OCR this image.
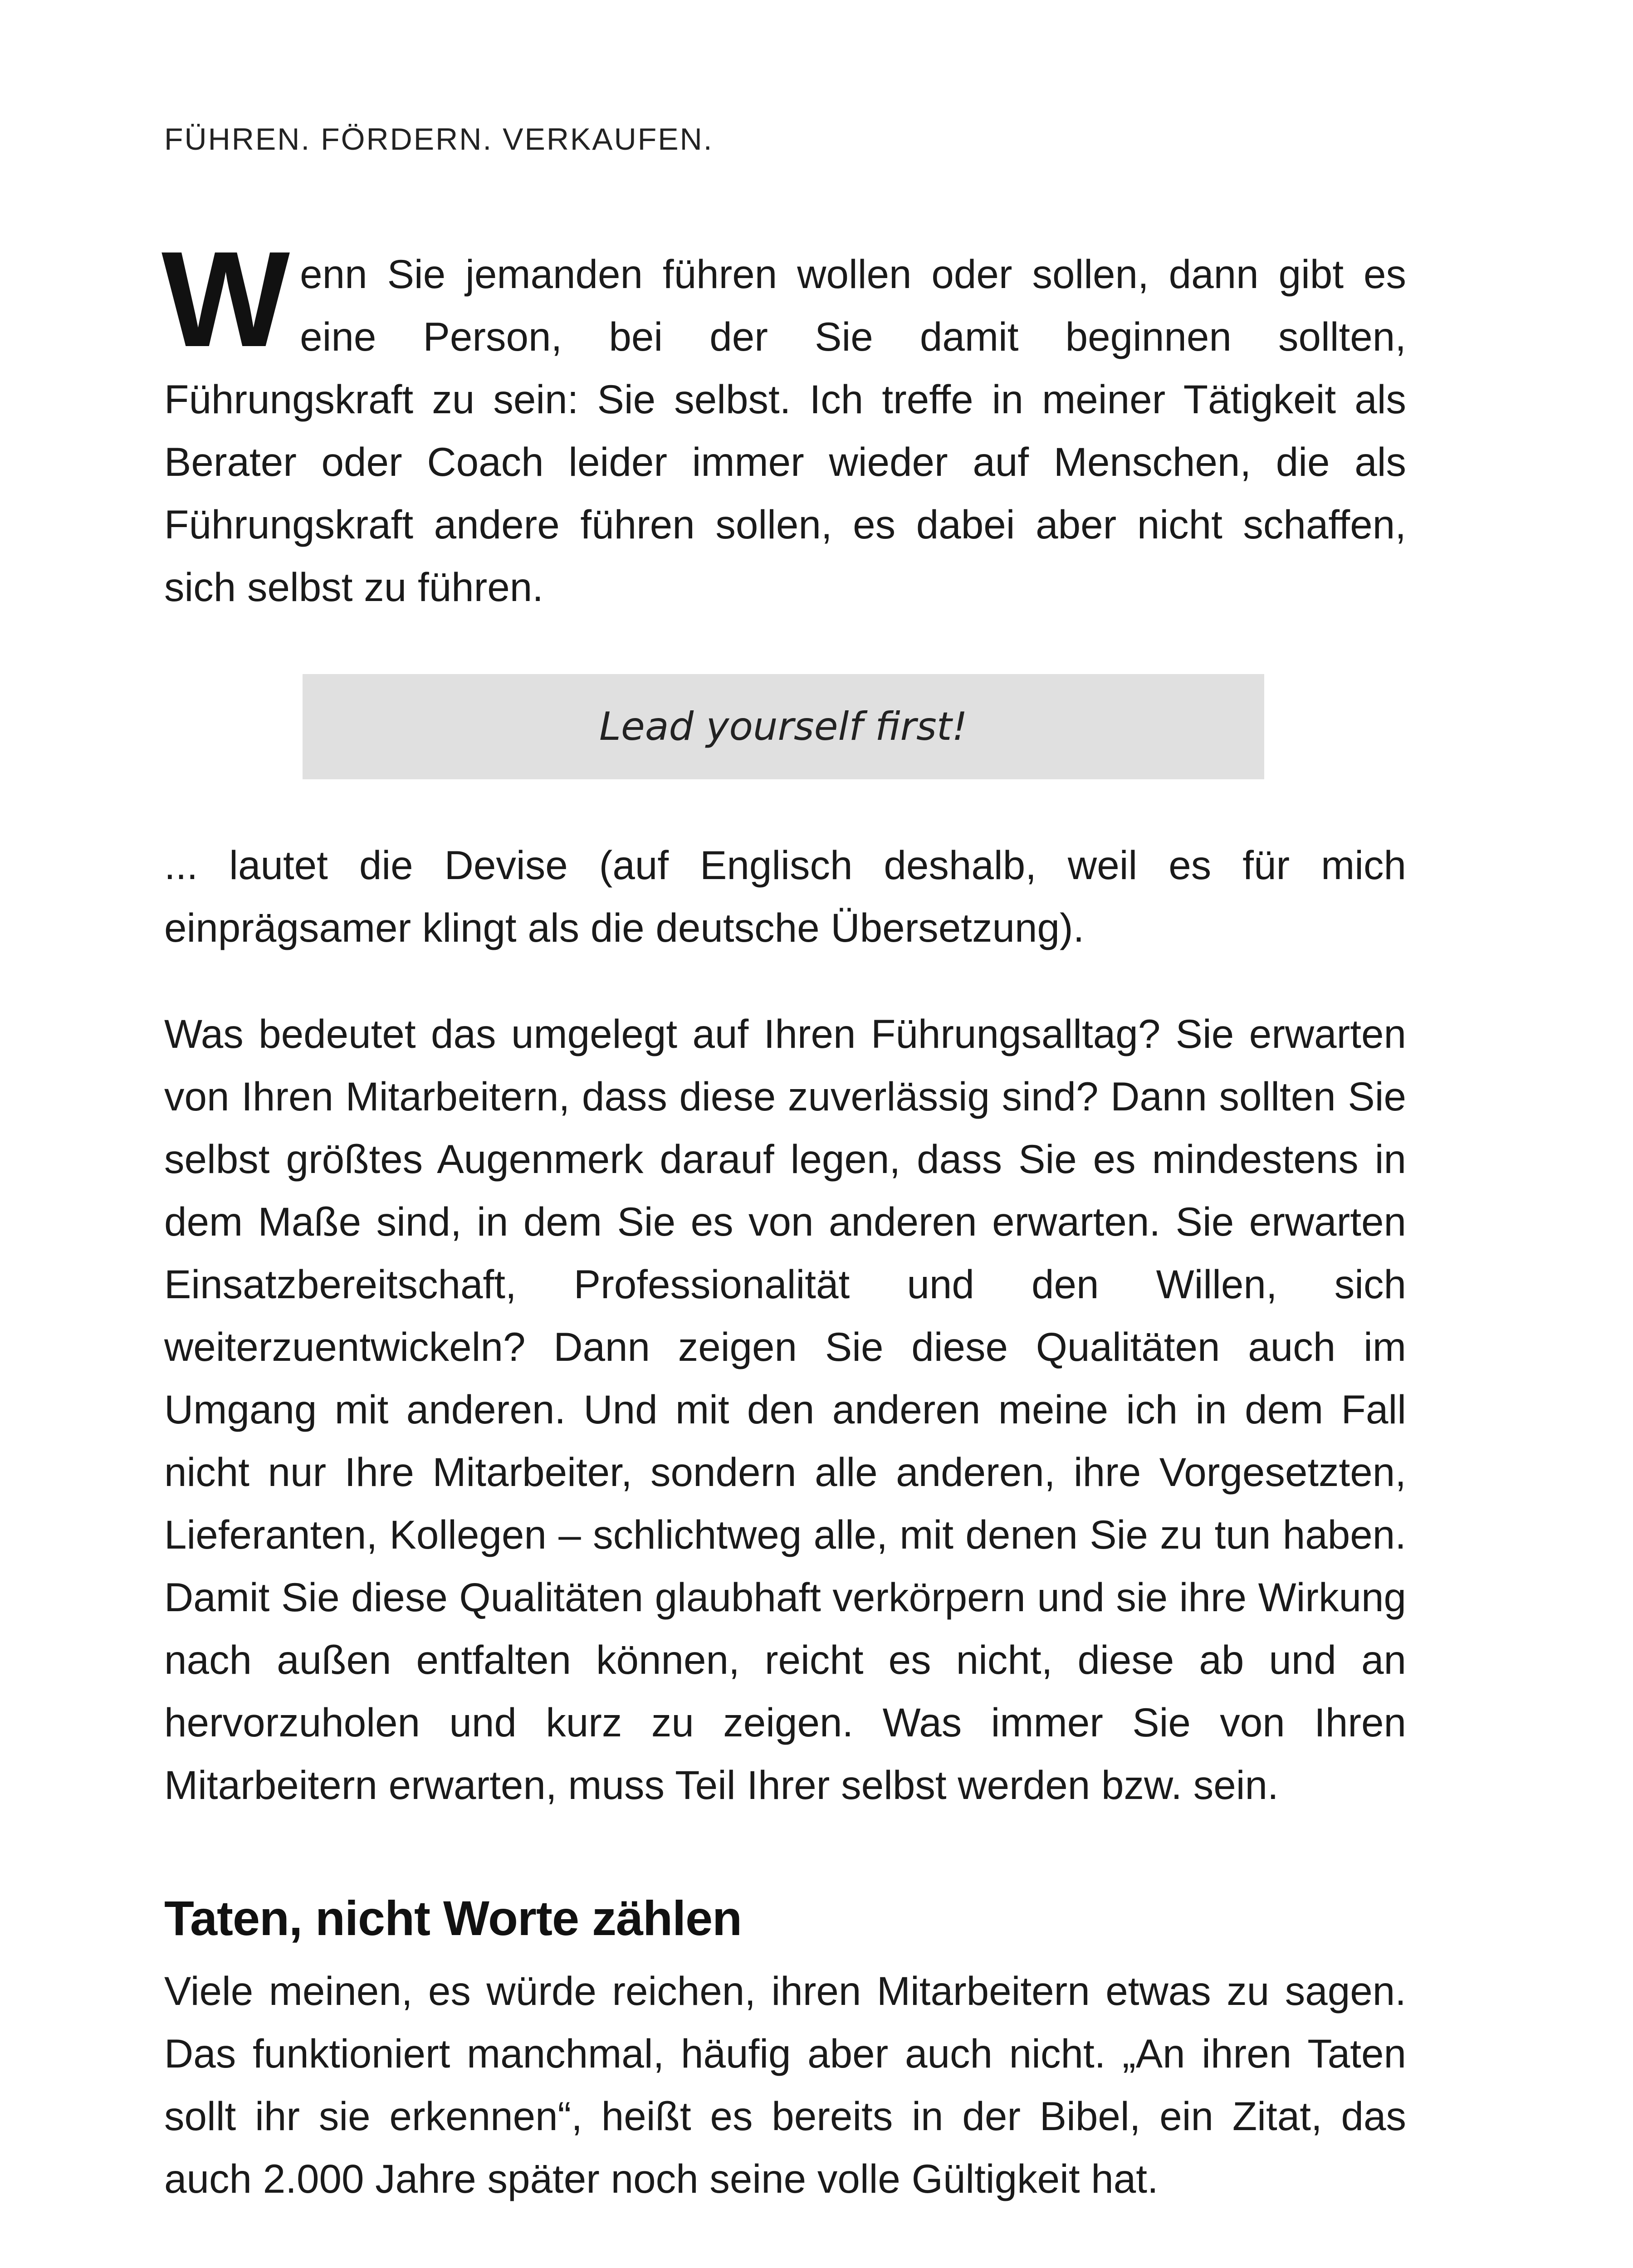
FÜHREN. FÖRDERN. VERKAUFEN.

Wenn Sie jemanden führen wollen oder sollen, dann gibt es eine Person, bei der Sie damit beginnen sollten, Führungskraft zu sein: Sie selbst. Ich treffe in meiner Tätigkeit als Berater oder Coach leider immer wieder auf Menschen, die als Führungskraft andere führen sollen, es dabei aber nicht schaffen, sich selbst zu führen.

Lead yourself first!

... lautet die Devise (auf Englisch deshalb, weil es für mich einprägsamer klingt als die deutsche Übersetzung).

Was bedeutet das umgelegt auf Ihren Führungsalltag? Sie erwarten von Ihren Mitarbeitern, dass diese zuverlässig sind? Dann sollten Sie selbst größtes Augenmerk darauf legen, dass Sie es mindestens in dem Maße sind, in dem Sie es von anderen erwarten. Sie erwarten Einsatzbereitschaft, Professionalität und den Willen, sich weiterzuentwickeln? Dann zeigen Sie diese Qualitäten auch im Umgang mit anderen. Und mit den anderen meine ich in dem Fall nicht nur Ihre Mitarbeiter, sondern alle anderen, ihre Vorgesetzten, Lieferanten, Kollegen – schlichtweg alle, mit denen Sie zu tun haben. Damit Sie diese Qualitäten glaubhaft verkörpern und sie ihre Wirkung nach außen entfalten können, reicht es nicht, diese ab und an hervorzuholen und kurz zu zeigen. Was immer Sie von Ihren Mitarbeitern erwarten, muss Teil Ihrer selbst werden bzw. sein.

Taten, nicht Worte zählen

Viele meinen, es würde reichen, ihren Mitarbeitern etwas zu sagen. Das funktioniert manchmal, häufig aber auch nicht. „An ihren Taten sollt ihr sie erkennen“, heißt es bereits in der Bibel, ein Zitat, das auch 2.000 Jahre später noch seine volle Gültigkeit hat.
